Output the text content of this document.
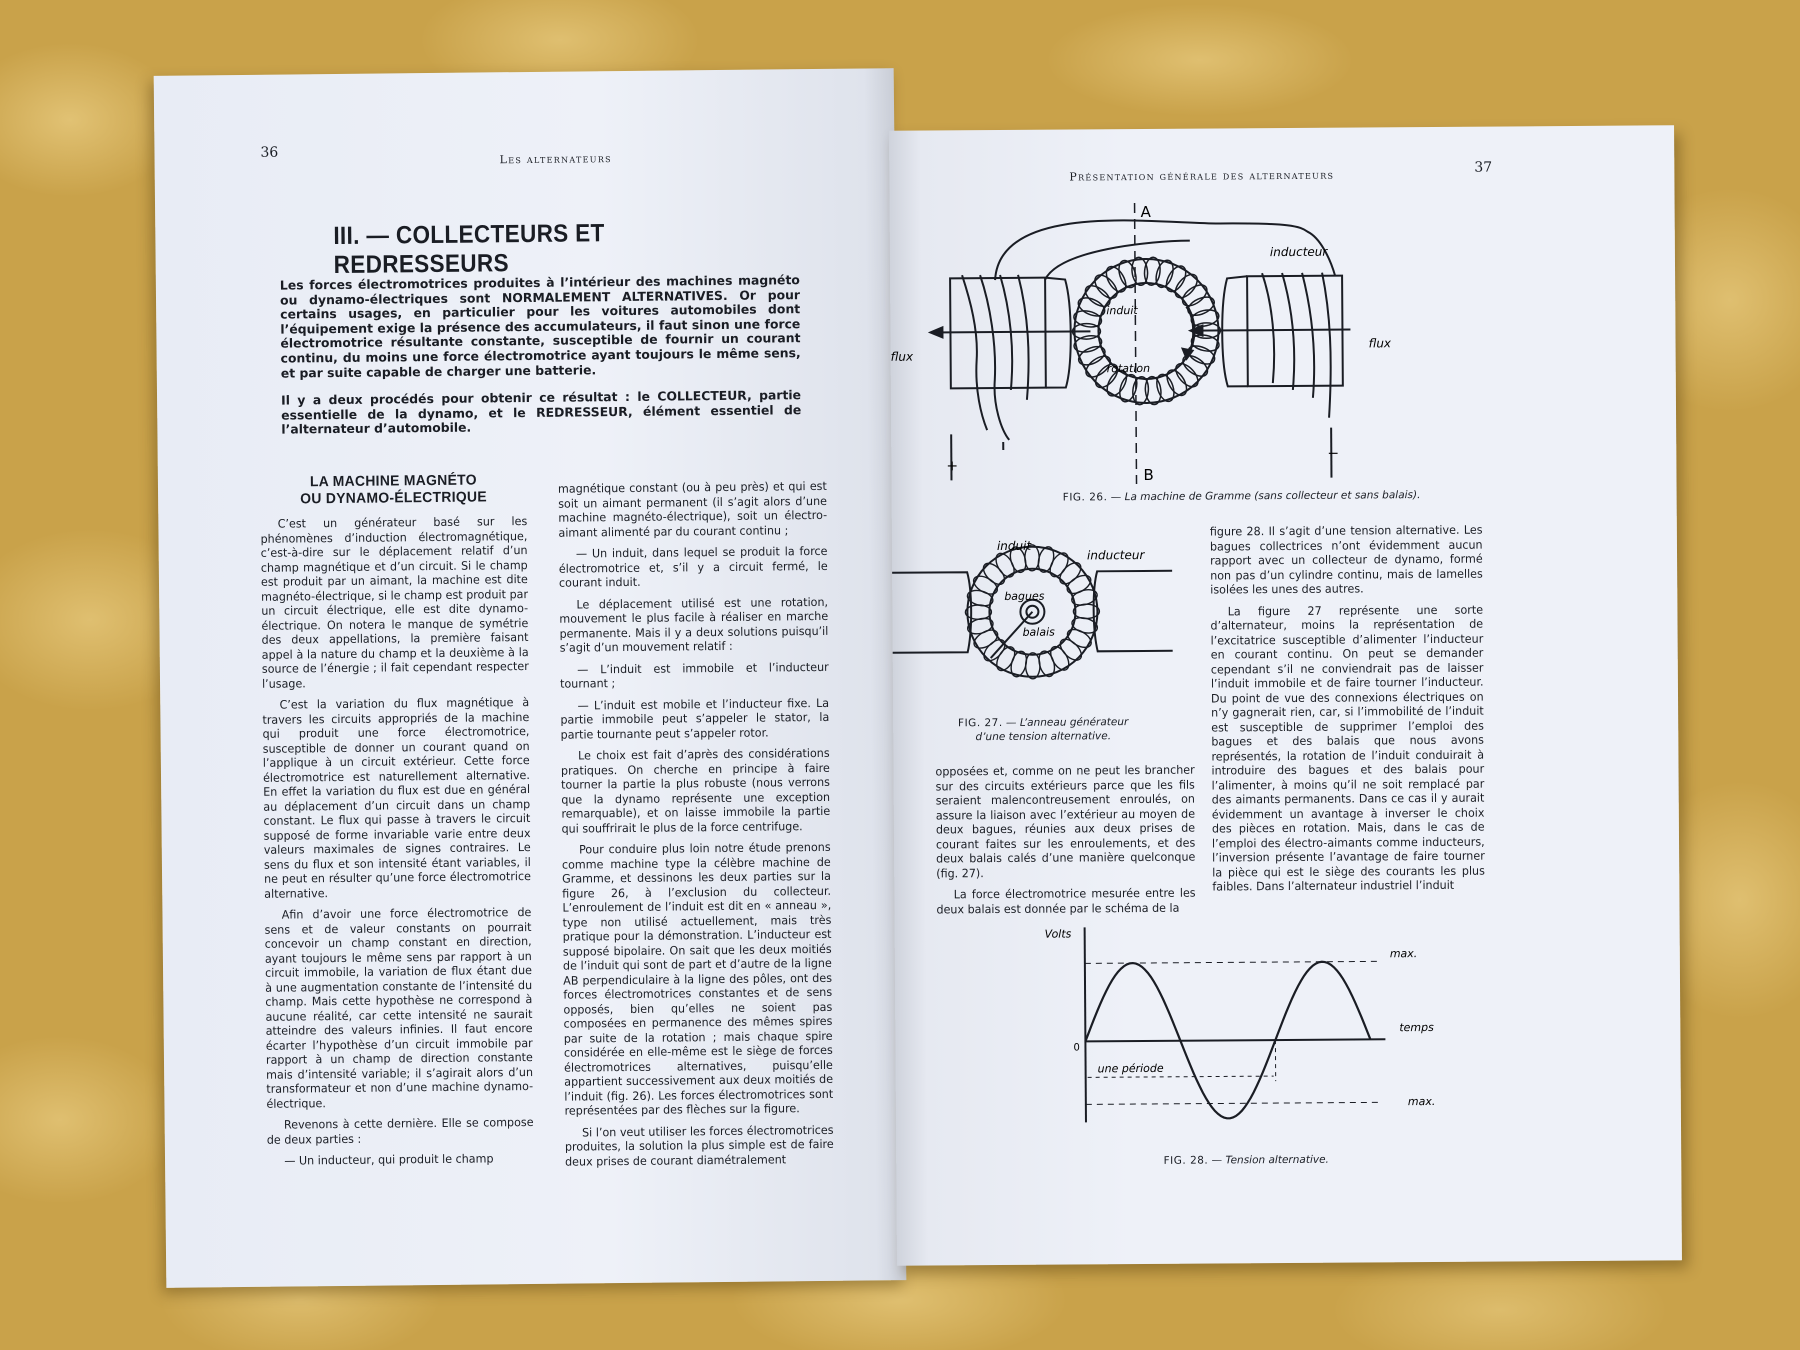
36	Les alternateurs
III. — COLLECTEURS ET REDRESSEURS
Les forces électromotrices produites à l’intérieur des machines magnéto ou dynamo-électriques sont NORMALEMENT ALTERNATIVES. Or pour certains usages, en particulier pour les voitures automobiles dont l’équipement exige la présence des accumulateurs, il faut sinon une force électromotrice résultante constante, susceptible de fournir un courant continu, du moins une force électromotrice ayant toujours le même sens, et par suite capable de charger une batterie.
Il y a deux procédés pour obtenir ce résultat : le COLLECTEUR, partie essentielle de la dynamo, et le REDRESSEUR, élément essentiel de l’alternateur d’automobile.
LA MACHINE MAGNÉTO
OU DYNAMO-ÉLECTRIQUE

C’est un générateur basé sur les phénomènes d’induction électromagnétique, c’est-à-dire sur le déplacement relatif d’un champ magnétique et d’un circuit. Si le champ est produit par un aimant, la machine est dite magnéto-électrique, si le champ est produit par un circuit électrique, elle est dite dynamo-électrique. On notera le manque de symétrie des deux appellations, la première faisant appel à la nature du champ et la deuxième à la source de l’énergie ; il fait cependant respecter l’usage.

C’est la variation du flux magnétique à travers les circuits appropriés de la machine qui produit une force électromotrice, susceptible de donner un courant quand on l’applique à un circuit extérieur. Cette force électromotrice est naturellement alternative. En effet la variation du flux est due en général au déplacement d’un circuit dans un champ constant. Le flux qui passe à travers le circuit supposé de forme invariable varie entre deux valeurs maximales de signes contraires. Le sens du flux et son intensité étant variables, il ne peut en résulter qu’une force électromotrice alternative.

Afin d’avoir une force électromotrice de sens et de valeur constants on pourrait concevoir un champ constant en direction, ayant toujours le même sens par rapport à un circuit immobile, la variation de flux étant due à une augmentation constante de l’intensité du champ. Mais cette hypothèse ne correspond à aucune réalité, car cette intensité ne saurait atteindre des valeurs infinies. Il faut encore écarter l’hypothèse d’un circuit immobile par rapport à un champ de direction constante mais d’intensité variable; il s’agirait alors d’un transformateur et non d’une machine dynamo-électrique.

Revenons à cette dernière. Elle se compose de deux parties :

— Un inducteur, qui produit le champ

magnétique constant (ou à peu près) et qui est soit un aimant permanent (il s’agit alors d’une machine magnéto-électrique), soit un électro-aimant alimenté par du courant continu ;

— Un induit, dans lequel se produit la force électromotrice et, s’il y a circuit fermé, le courant induit.

Le déplacement utilisé est une rotation, mouvement le plus facile à réaliser en marche permanente. Mais il y a deux solutions puisqu’il s’agit d’un mouvement relatif :

— L’induit est immobile et l’inducteur tournant ;

— L’induit est mobile et l’inducteur fixe. La partie immobile peut s’appeler le stator, la partie tournante peut s’appeler rotor.

Le choix est fait d’après des considérations pratiques. On cherche en principe à faire tourner la partie la plus robuste (nous verrons que la dynamo représente une exception remarquable), et on laisse immobile la partie qui souffrirait le plus de la force centrifuge.

Pour conduire plus loin notre étude prenons comme machine type la célèbre machine de Gramme, et dessinons les deux parties sur la figure 26, à l’exclusion du collecteur. L’enroulement de l’induit est dit en « anneau », type non utilisé actuellement, mais très pratique pour la démonstration. L’inducteur est supposé bipolaire. On sait que les deux moitiés de l’induit qui sont de part et d’autre de la ligne AB perpendiculaire à la ligne des pôles, ont des forces électromotrices constantes et de sens opposés, bien qu’elles ne soient pas composées en permanence des mêmes spires par suite de la rotation ; mais chaque spire considérée en elle-même est le siège de forces électromotrices alternatives, puisqu’elle appartient successivement aux deux moitiés de l’induit (fig. 26). Les forces électromotrices sont représentées par des flèches sur la figure.

Si l’on veut utiliser les forces électromotrices produites, la solution la plus simple est de faire deux prises de courant diamétralement

Présentation générale des alternateurs
37
A
B
inducteur
induit
rotation
flux
flux
+
−
FIG. 26. — La machine de Gramme (sans collecteur et sans balais).
induit
inducteur
bagues
balais
FIG. 27. — L’anneau générateur
d’une tension alternative.

figure 28. Il s’agit d’une tension alternative. Les bagues collectrices n’ont évidemment aucun rapport avec un collecteur de dynamo, formé non pas d’un cylindre continu, mais de lamelles isolées les unes des autres.

La figure 27 représente une sorte d’alternateur, moins la représentation de l’excitatrice susceptible d’alimenter l’inducteur en courant continu. On peut se demander cependant s’il ne conviendrait pas de laisser l’induit immobile et de faire tourner l’inducteur. Du point de vue des connexions électriques on n’y gagnerait rien, car, si l’immobilité de l’induit est susceptible de supprimer l’emploi des bagues et des balais que nous avons représentés, la rotation de l’induit conduirait à introduire des bagues et des balais pour l’alimenter, à moins qu’il ne soit remplacé par des aimants permanents. Dans ce cas il y aurait évidemment un avantage à inverser le choix des pièces en rotation. Mais, dans le cas de l’emploi des électro-aimants comme inducteurs, l’inversion présente l’avantage de faire tourner la pièce qui est le siège des courants les plus faibles. Dans l’alternateur industriel l’induit

opposées et, comme on ne peut les brancher sur des circuits extérieurs parce que les fils seraient malencontreusement enroulés, on assure la liaison avec l’extérieur au moyen de deux bagues, réunies aux deux prises de courant faites sur les enroulements, et des deux balais calés d’une manière quelconque (fig. 27).

La force électromotrice mesurée entre les deux balais est donnée par le schéma de la

Volts
max.
max.
temps
0
une période
FIG. 28. — Tension alternative.
